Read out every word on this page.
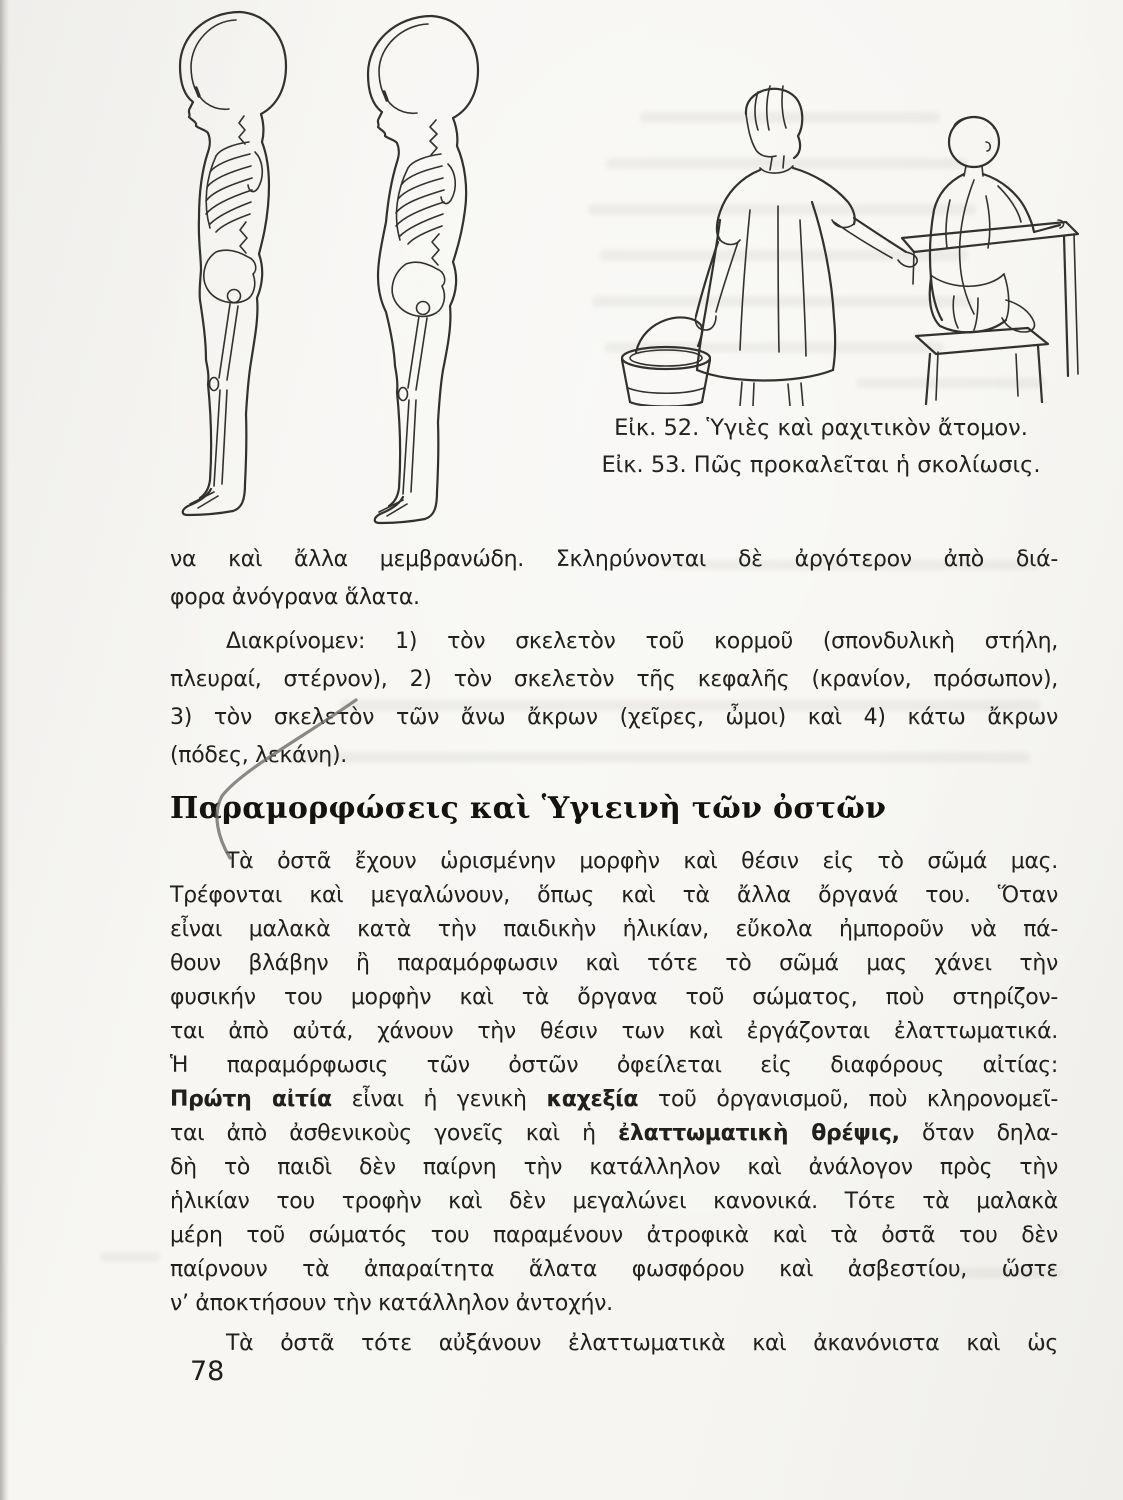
Εἰκ. 52. Ὑγιὲς καὶ ραχιτικὸν ἄτομον.
Εἰκ. 53. Πῶς προκαλεῖται ἡ σκολίωσις.
να καὶ ἄλλα μεμβρανώδη. Σκληρύνονται δὲ ἀργότερον ἀπὸ διά-
φορα ἀνόγρανα ἅλατα.
Διακρίνομεν: 1) τὸν σκελετὸν τοῦ κορμοῦ (σπονδυλικὴ στήλη,
πλευραί, στέρνον), 2) τὸν σκελετὸν τῆς κεφαλῆς (κρανίον, πρόσωπον),
3) τὸν σκελετὸν τῶν ἄνω ἄκρων (χεῖρες, ὦμοι) καὶ 4) κάτω ἄκρων
(πόδες, λεκάνη).
Παραμορφώσεις καὶ Ὑγιεινὴ τῶν ὀστῶν
Τὰ ὀστᾶ ἔχουν ὡρισμένην μορφὴν καὶ θέσιν εἰς τὸ σῶμά μας.
Τρέφονται καὶ μεγαλώνουν, ὅπως καὶ τὰ ἄλλα ὄργανά του. Ὅταν
εἶναι μαλακὰ κατὰ τὴν παιδικὴν ἡλικίαν, εὔκολα ἠμποροῦν νὰ πά-
θουν βλάβην ἢ παραμόρφωσιν καὶ τότε τὸ σῶμά μας χάνει τὴν
φυσικήν του μορφὴν καὶ τὰ ὄργανα τοῦ σώματος, ποὺ στηρίζον-
ται ἀπὸ αὐτά, χάνουν τὴν θέσιν των καὶ ἐργάζονται ἐλαττωματικά.
Ἡ παραμόρφωσις τῶν ὀστῶν ὀφείλεται εἰς διαφόρους αἰτίας:
Πρώτη αἰτία εἶναι ἡ γενικὴ καχεξία τοῦ ὀργανισμοῦ, ποὺ κληρονομεῖ-
ται ἀπὸ ἀσθενικοὺς γονεῖς καὶ ἡ ἐλαττωματικὴ θρέψις, ὅταν δηλα-
δὴ τὸ παιδὶ δὲν παίρνη τὴν κατάλληλον καὶ ἀνάλογον πρὸς τὴν
ἡλικίαν του τροφὴν καὶ δὲν μεγαλώνει κανονικά. Τότε τὰ μαλακὰ
μέρη τοῦ σώματός του παραμένουν ἀτροφικὰ καὶ τὰ ὀστᾶ του δὲν
παίρνουν τὰ ἀπαραίτητα ἅλατα φωσφόρου καὶ ἀσβεστίου, ὥστε
ν’ ἀποκτήσουν τὴν κατάλληλον ἀντοχήν.
Τὰ ὀστᾶ τότε αὐξάνουν ἐλαττωματικὰ καὶ ἀκανόνιστα καὶ ὡς
78
